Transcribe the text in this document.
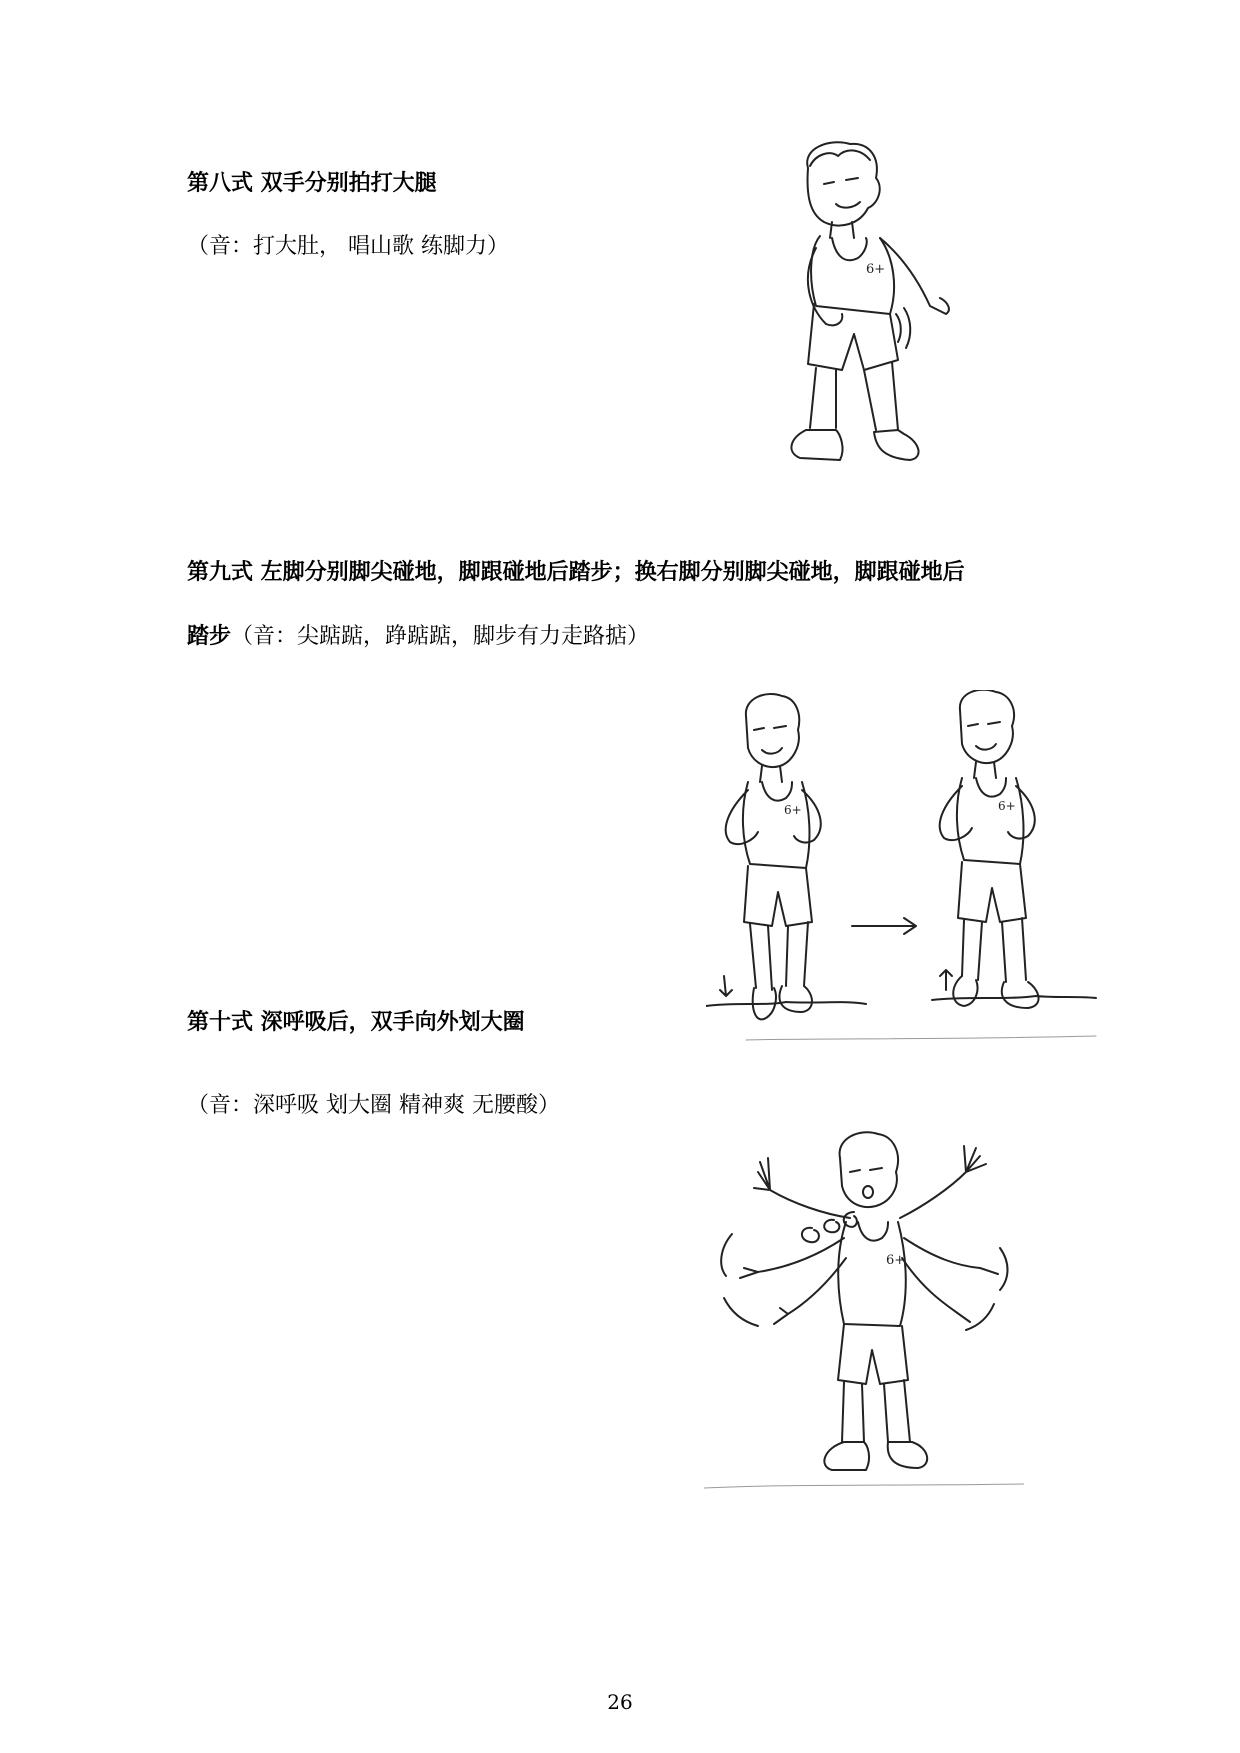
第八式 双手分别拍打大腿
（音：打大肚， 唱山歌 练脚力）
6+
第九式 左脚分别脚尖碰地，脚跟碰地后踏步；换右脚分别脚尖碰地，脚跟碰地后
踏步（音：尖踮踮，踭踮踮，脚步有力走路掂）
6+	6+
第十式 深呼吸后，双手向外划大圈
（音：深呼吸 划大圈 精神爽 无腰酸）
6+
26
